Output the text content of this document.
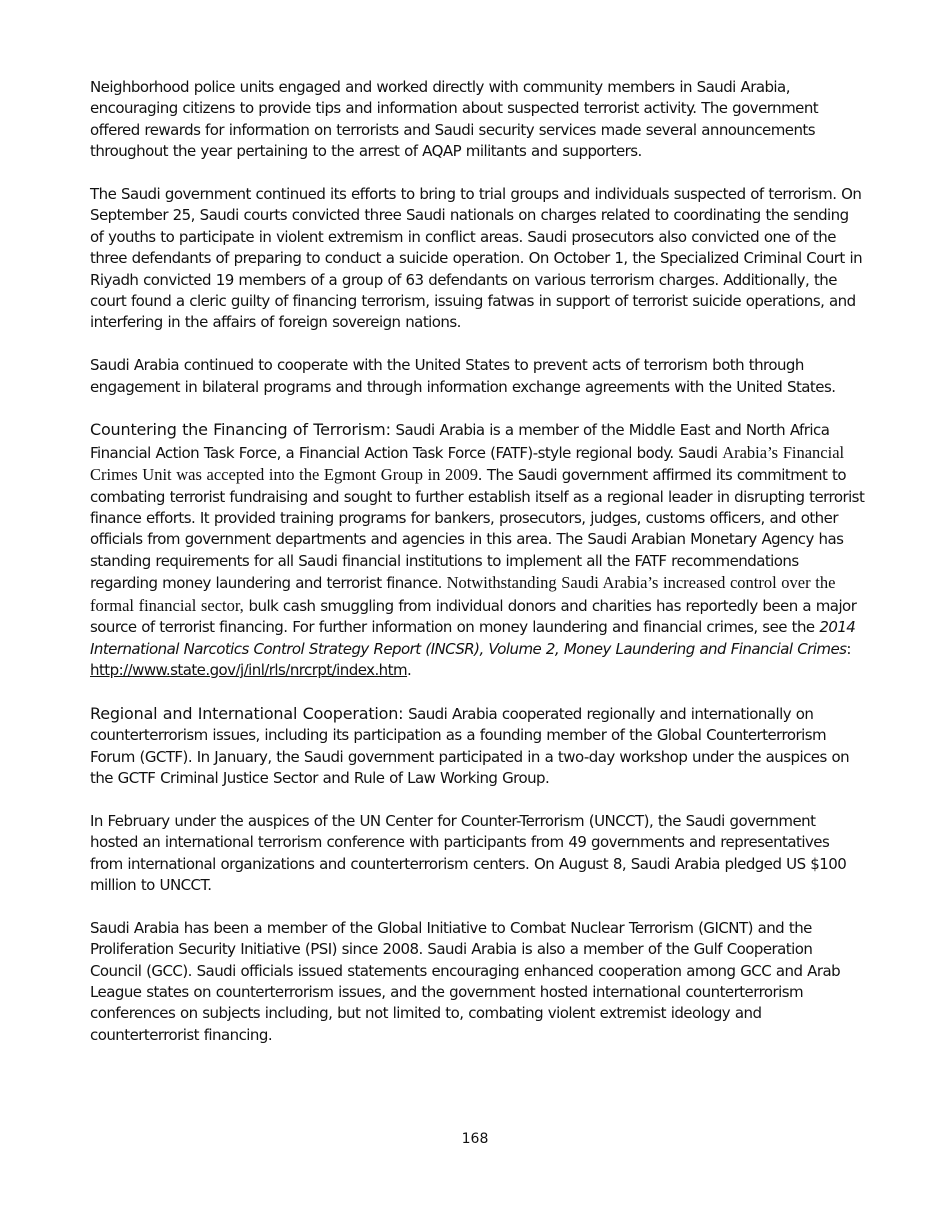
Neighborhood police units engaged and worked directly with community members in Saudi Arabia, encouraging citizens to provide tips and information about suspected terrorist activity. The government offered rewards for information on terrorists and Saudi security services made several announcements throughout the year pertaining to the arrest of AQAP militants and supporters.

The Saudi government continued its efforts to bring to trial groups and individuals suspected of terrorism. On September 25, Saudi courts convicted three Saudi nationals on charges related to coordinating the sending of youths to participate in violent extremism in conflict areas. Saudi prosecutors also convicted one of the three defendants of preparing to conduct a suicide operation. On October 1, the Specialized Criminal Court in Riyadh convicted 19 members of a group of 63 defendants on various terrorism charges. Additionally, the court found a cleric guilty of financing terrorism, issuing fatwas in support of terrorist suicide operations, and interfering in the affairs of foreign sovereign nations.

Saudi Arabia continued to cooperate with the United States to prevent acts of terrorism both through engagement in bilateral programs and through information exchange agreements with the United States.

Countering the Financing of Terrorism: Saudi Arabia is a member of the Middle East and North Africa Financial Action Task Force, a Financial Action Task Force (FATF)-style regional body. Saudi Arabia’s Financial Crimes Unit was accepted into the Egmont Group in 2009. The Saudi government affirmed its commitment to combating terrorist fundraising and sought to further establish itself as a regional leader in disrupting terrorist finance efforts. It provided training programs for bankers, prosecutors, judges, customs officers, and other officials from government departments and agencies in this area. The Saudi Arabian Monetary Agency has standing requirements for all Saudi financial institutions to implement all the FATF recommendations regarding money laundering and terrorist finance. Notwithstanding Saudi Arabia’s increased control over the formal financial sector, bulk cash smuggling from individual donors and charities has reportedly been a major source of terrorist financing. For further information on money laundering and financial crimes, see the 2014 International Narcotics Control Strategy Report (INCSR), Volume 2, Money Laundering and Financial Crimes: http://www.state.gov/j/inl/rls/nrcrpt/index.htm.

Regional and International Cooperation: Saudi Arabia cooperated regionally and internationally on counterterrorism issues, including its participation as a founding member of the Global Counterterrorism Forum (GCTF). In January, the Saudi government participated in a two-day workshop under the auspices on the GCTF Criminal Justice Sector and Rule of Law Working Group.

In February under the auspices of the UN Center for Counter-Terrorism (UNCCT), the Saudi government hosted an international terrorism conference with participants from 49 governments and representatives from international organizations and counterterrorism centers. On August 8, Saudi Arabia pledged US $100 million to UNCCT.

Saudi Arabia has been a member of the Global Initiative to Combat Nuclear Terrorism (GICNT) and the Proliferation Security Initiative (PSI) since 2008. Saudi Arabia is also a member of the Gulf Cooperation Council (GCC). Saudi officials issued statements encouraging enhanced cooperation among GCC and Arab League states on counterterrorism issues, and the government hosted international counterterrorism conferences on subjects including, but not limited to, combating violent extremist ideology and counterterrorist financing.

168
